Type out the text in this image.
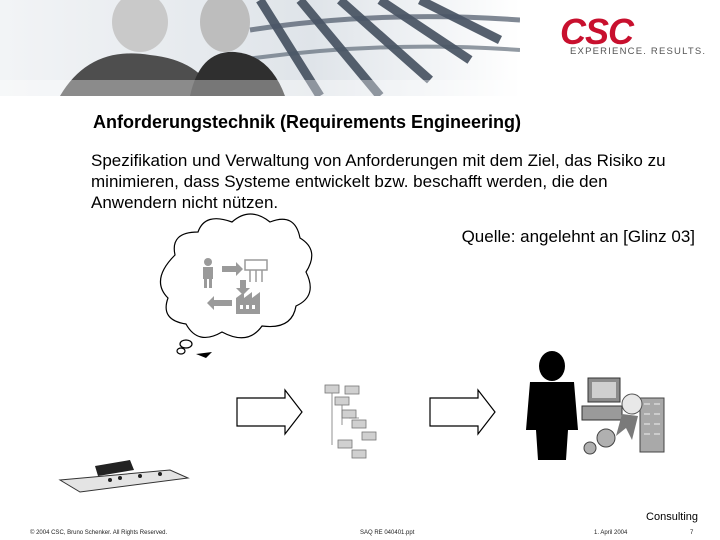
CSC
EXPERIENCE. RESULTS.
Anforderungstechnik (Requirements Engineering)
Spezifikation und Verwaltung von Anforderungen mit dem Ziel, das Risiko zu minimieren, dass Systeme entwickelt bzw. beschafft werden, die den Anwendern nicht nützen.
Quelle: angelehnt an [Glinz 03]
Consulting
© 2004 CSC, Bruno Schenker. All Rights Reserved.	SAQ RE 040401.ppt	1. April 2004	7
